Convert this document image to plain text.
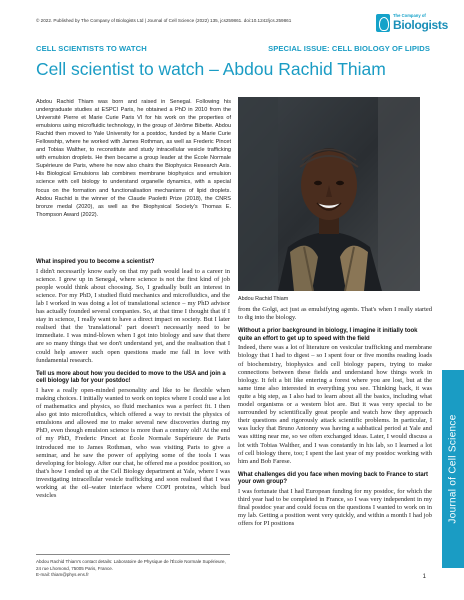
© 2022. Published by The Company of Biologists Ltd | Journal of Cell Science (2022) 135, jcs259861. doi:10.1242/jcs.259861
The Company of
Biologists
CELL SCIENTISTS TO WATCH	SPECIAL ISSUE: CELL BIOLOGY OF LIPIDS
Cell scientist to watch – Abdou Rachid Thiam

Abdou Rachid Thiam was born and raised in Senegal. Following his undergraduate studies at ESPCI Paris, he obtained a PhD in 2010 from the Université Pierre et Marie Curie Paris VI for his work on the properties of emulsions using microfluidic technology, in the group of Jérôme Bibette. Abdou Rachid then moved to Yale University for a postdoc, funded by a Marie Curie Fellowship, where he worked with James Rothman, as well as Frederic Pincet and Tobias Walther, to reconstitute and study intracellular vesicle trafficking with emulsion droplets. He then became a group leader at the École Normale Supérieure de Paris, where he now also chairs the Biophysics Research Axis. His Biological Emulsions lab combines membrane biophysics and emulsion science with cell biology to understand organelle dynamics, with a special focus on the formation and functionalisation mechanisms of lipid droplets. Abdou Rachid is the winner of the Claude Paoletti Prize (2018), the CNRS bronze medal (2020), as well as the Biophysical Society's Thomas E. Thompson Award (2022).

Abdou Rachid Thiam
What inspired you to become a scientist?

I didn't necessarily know early on that my path would lead to a career in science. I grew up in Senegal, where science is not the first kind of job people would think about choosing. So, I gradually built an interest in science. For my PhD, I studied fluid mechanics and microfluidics, and the lab I worked in was doing a lot of translational science – my PhD advisor has actually founded several companies. So, at that time I thought that if I stay in science, I really want to have a direct impact on society. But I later realised that the 'translational' part doesn't necessarily need to be immediate. I was mind-blown when I got into biology and saw that there are so many things that we don't understand yet, and the realisation that I could help answer such open questions made me fall in love with fundamental research.

Tell us more about how you decided to move to the USA and join a cell biology lab for your postdoc!

I have a really open-minded personality and like to be flexible when making choices. I initially wanted to work on topics where I could use a lot of mathematics and physics, so fluid mechanics was a perfect fit. I then also got into microfluidics, which offered a way to revisit the physics of emulsions and allowed me to make several new discoveries during my PhD, even though emulsion science is more than a century old! At the end of my PhD, Frederic Pincet at École Normale Supérieure de Paris introduced me to James Rothman, who was visiting Paris to give a seminar, and he saw the power of applying some of the tools I was developing for biology. After our chat, he offered me a postdoc position, so that's how I ended up at the Cell Biology department at Yale, where I was investigating intracellular vesicle trafficking and soon realised that I was working at the oil–water interface where COPI proteins, which bud vesicles

from the Golgi, act just as emulsifying agents. That's when I really started to dig into the biology.

Without a prior background in biology, I imagine it initially took quite an effort to get up to speed with the field

Indeed, there was a lot of literature on vesicular trafficking and membrane biology that I had to digest – so I spent four or five months reading loads of biochemistry, biophysics and cell biology papers, trying to make connections between these fields and understand how things work in biology. It felt a bit like entering a forest where you are lost, but at the same time also interested in everything you see. Thinking back, it was quite a big step, as I also had to learn about all the basics, including what model organisms or a western blot are. But it was very special to be surrounded by scientifically great people and watch how they approach their questions and rigorously attack scientific problems. In particular, I was lucky that Bruno Antonny was having a sabbatical period at Yale and was sitting near me, so we often exchanged ideas. Later, I would discuss a lot with Tobias Walther, and I was constantly in his lab, so I learned a lot of cell biology there, too; I spent the last year of my postdoc working with him and Bob Farese.

What challenges did you face when moving back to France to start your own group?

I was fortunate that I had European funding for my postdoc, for which the third year had to be completed in France, so I was very independent in my final postdoc year and could focus on the questions I wanted to work on in my lab. Getting a position went very quickly, and within a month I had job offers for PI positions

Abdou Rachid Thiam's contact details: Laboratoire de Physique de l'École Normale Supérieure, 24 rue Lhomond, 75005 Paris, France.
E-mail: thiam@phys.ens.fr
Journal of Cell Science
1
